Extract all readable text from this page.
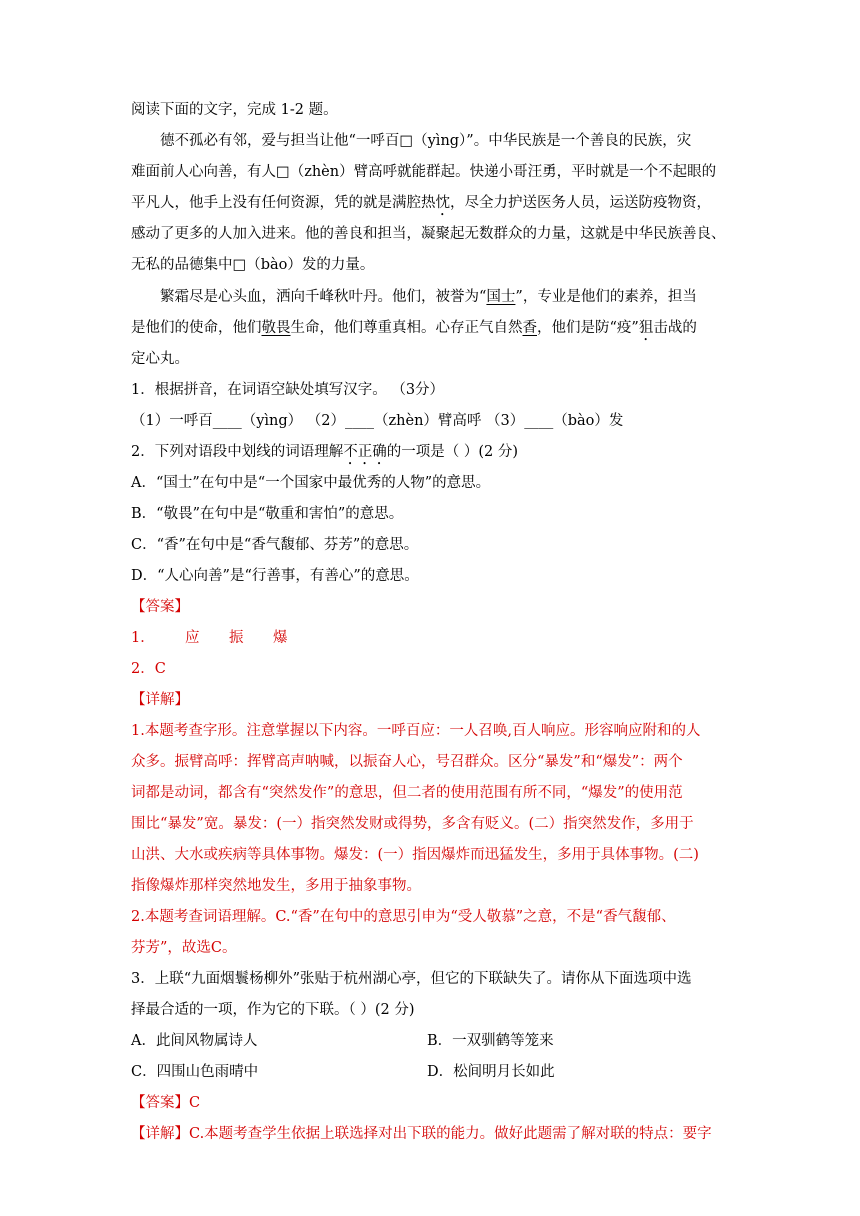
阅读下面的文字，完成 1-2 题。
德不孤必有邻，爱与担当让他“一呼百□（yìng）”。中华民族是一个善良的民族，灾
难面前人心向善，有人□（zhèn）臂高呼就能群起。快递小哥汪勇，平时就是一个不起眼的
平凡人，他手上没有任何资源，凭的就是满腔热忱，尽全力护送医务人员，运送防疫物资，
感动了更多的人加入进来。他的善良和担当，凝聚起无数群众的力量，这就是中华民族善良、
无私的品德集中□（bào）发的力量。
繁霜尽是心头血，洒向千峰秋叶丹。他们，被誉为“国士”，专业是他们的素养，担当
是他们的使命，他们敬畏生命，他们尊重真相。心存正气自然香，他们是防“疫”狙击战的
定心丸。
1．根据拼音，在词语空缺处填写汉字。 （3分）
（1）一呼百____（yìng） （2）____（zhèn）臂高呼 （3）____（bào）发
2．下列对语段中划线的词语理解不正确的一项是（ ）(2 分)
A．“国士”在句中是“一个国家中最优秀的人物”的意思。
B．“敬畏”在句中是“敬重和害怕”的意思。
C．“香”在句中是“香气馥郁、芬芳”的意思。
D．“人心向善”是“行善事，有善心”的意思。
【答案】
1． 应 振 爆
2．C
【详解】
1.本题考查字形。注意掌握以下内容。一呼百应：一人召唤,百人响应。形容响应附和的人
众多。振臂高呼：挥臂高声呐喊，以振奋人心，号召群众。区分“暴发”和“爆发”：两个
词都是动词，都含有“突然发作”的意思，但二者的使用范围有所不同，“爆发”的使用范
围比“暴发”宽。暴发：(一）指突然发财或得势，多含有贬义。(二）指突然发作，多用于
山洪、大水或疾病等具体事物。爆发：(一）指因爆炸而迅猛发生，多用于具体事物。(二)
指像爆炸那样突然地发生，多用于抽象事物。
2.本题考查词语理解。C.“香”在句中的意思引申为“受人敬慕”之意，不是“香气馥郁、
芬芳”，故选C。
3．上联“九面烟鬟杨柳外”张贴于杭州湖心亭，但它的下联缺失了。请你从下面选项中选
择最合适的一项，作为它的下联。（ ）(2 分)
A．此间风物属诗人	B．一双驯鹤等笼来
C．四围山色雨晴中	D．松间明月长如此
【答案】C
【详解】C.本题考查学生依据上联选择对出下联的能力。做好此题需了解对联的特点：要字
